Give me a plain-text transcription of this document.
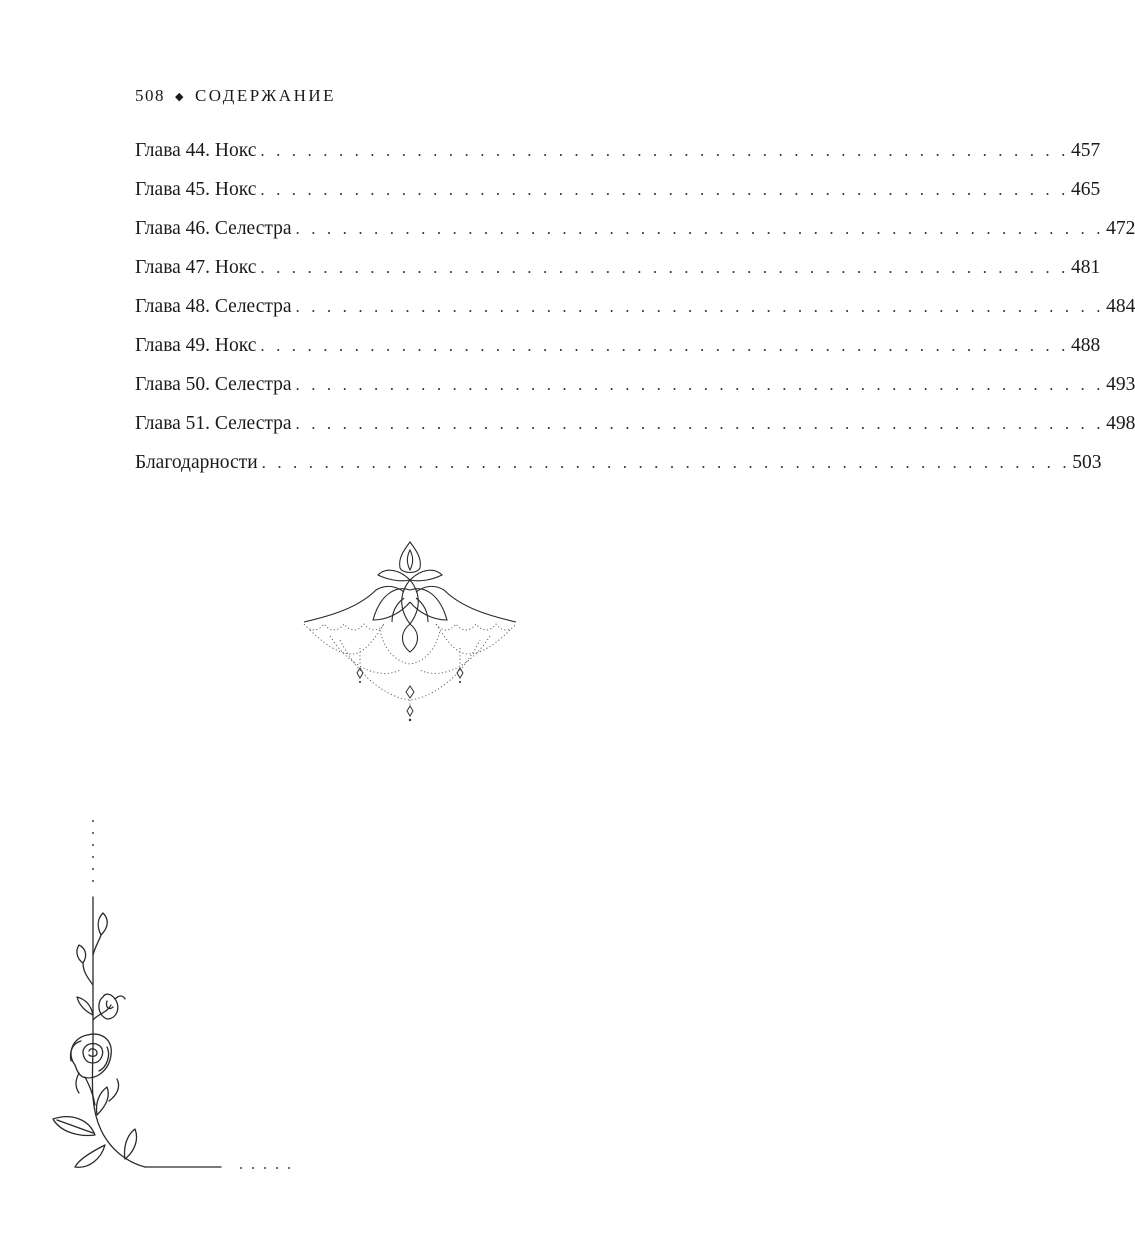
508 ◆ СОДЕРЖАНИЕ
Глава 44. Нокс . . . . . . . . . . . . . . . . . . . . . . . . . . . . . . . . . . . . . . . . . . . . . . . . . . . . 457
Глава 45. Нокс . . . . . . . . . . . . . . . . . . . . . . . . . . . . . . . . . . . . . . . . . . . . . . . . . . . . 465
Глава 46. Селестра . . . . . . . . . . . . . . . . . . . . . . . . . . . . . . . . . . . . . . . . . . . . . . . . . . . . 472
Глава 47. Нокс . . . . . . . . . . . . . . . . . . . . . . . . . . . . . . . . . . . . . . . . . . . . . . . . . . . . 481
Глава 48. Селестра . . . . . . . . . . . . . . . . . . . . . . . . . . . . . . . . . . . . . . . . . . . . . . . . . . . . 484
Глава 49. Нокс . . . . . . . . . . . . . . . . . . . . . . . . . . . . . . . . . . . . . . . . . . . . . . . . . . . . 488
Глава 50. Селестра . . . . . . . . . . . . . . . . . . . . . . . . . . . . . . . . . . . . . . . . . . . . . . . . . . . . 493
Глава 51. Селестра . . . . . . . . . . . . . . . . . . . . . . . . . . . . . . . . . . . . . . . . . . . . . . . . . . . . 498
Благодарности . . . . . . . . . . . . . . . . . . . . . . . . . . . . . . . . . . . . . . . . . . . . . . . . . . . . 503
